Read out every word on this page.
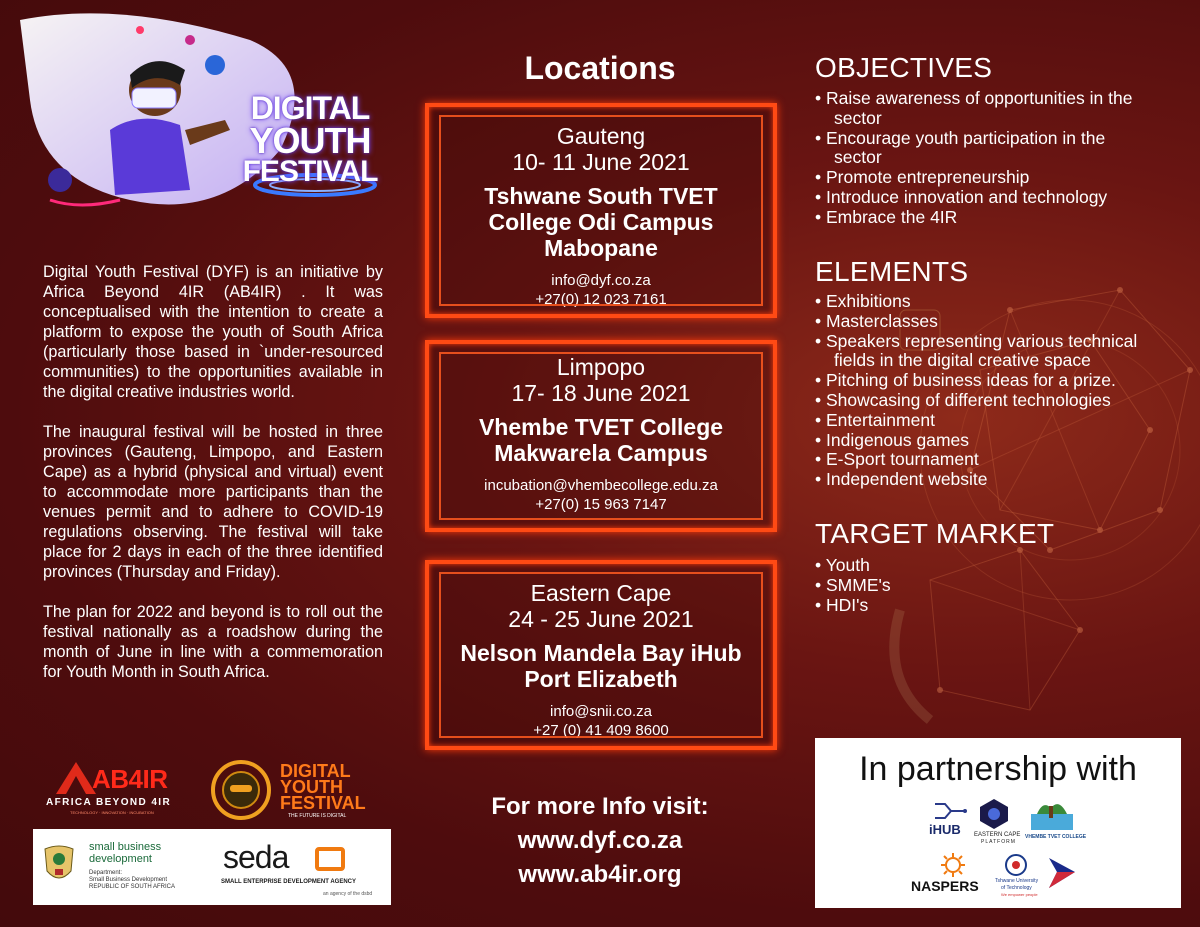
DIGITAL
YOUTH
FESTIVAL

Digital Youth Festival (DYF) is an initiative by Africa Beyond 4IR (AB4IR) . It was conceptualised with the intention to create a platform to expose the youth of South Africa (particularly those based in `under-resourced communities) to the opportunities available in the digital creative industries world.

The inaugural festival will be hosted in three provinces (Gauteng, Limpopo, and Eastern Cape) as a hybrid (physical and virtual) event to accommodate more participants than the venues permit and to adhere to COVID-19 regulations observing. The festival will take place for 2 days in each of the three identified provinces (Thursday and Friday).

The plan for 2022 and beyond is to roll out the festival nationally as a roadshow during the month of June in line with a commemoration for Youth Month in South Africa.

AB4IR
AFRICA BEYOND 4IR
TECHNOLOGY · INNOVATION · INCUBATION
DIGITAL
YOUTH
FESTIVAL
THE FUTURE IS DIGITAL
small business
development
Department:
Small Business Development
REPUBLIC OF SOUTH AFRICA
seda
SMALL ENTERPRISE DEVELOPMENT AGENCY
an agency of the dsbd
Locations
Gauteng
10- 11 June 2021
Tshwane South TVET
College Odi Campus
Mabopane
info@dyf.co.za
+27(0) 12 023 7161
Limpopo
17- 18 June 2021
Vhembe TVET College
Makwarela Campus
incubation@vhembecollege.edu.za
+27(0) 15 963 7147
Eastern Cape
24 - 25 June 2021
Nelson Mandela Bay iHub
Port Elizabeth
info@snii.co.za
+27 (0) 41 409 8600
For more Info visit:
www.dyf.co.za
www.ab4ir.org
OBJECTIVES
• Raise awareness of opportunities in the
sector
• Encourage youth participation in the
sector
• Promote entrepreneurship
• Introduce innovation and technology
• Embrace the 4IR
ELEMENTS
• Exhibitions
• Masterclasses
• Speakers representing various technical
fields in the digital creative space
• Pitching of business ideas for a prize.
• Showcasing of different technologies
• Entertainment
• Indigenous games
• E-Sport tournament
• Independent website
TARGET MARKET
• Youth
• SMME's
• HDI's
In partnership with
iHUB EASTERN CAPE
PLATFORM
VHEMBE TVET COLLEGE
NASPERS	Tshwane University
of Technology
We empower people
